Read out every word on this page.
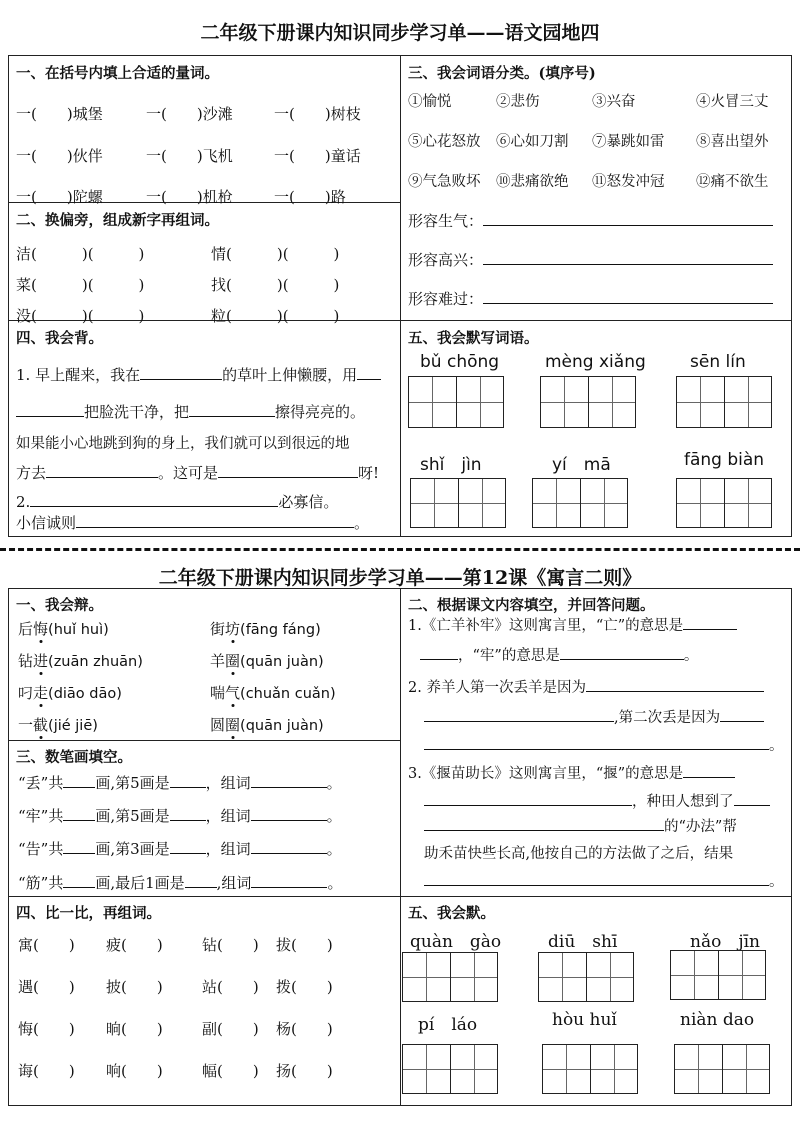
二年级下册课内知识同步学习单——语文园地四
一、在括号内填上合适的量词。
一(　　)城堡	一(　　)沙滩	一(　　)树枝
一(　　)伙伴	一(　　)飞机	一(　　)童话
一(　　)陀螺	一(　　)机枪	一(　　)路
二、换偏旁，组成新字再组词。
洁(　　　)(　　　)	情(　　　)(　　　)
菜(　　　)(　　　)	找(　　　)(　　　)
没(　　　)(　　　)	粒(　　　)(　　　)
三、我会词语分类。(填序号)
①愉悦	②悲伤	③兴奋	④火冒三丈
⑤心花怒放 ⑥心如刀割 ⑦暴跳如雷 ⑧喜出望外
⑨气急败坏 ⑩悲痛欲绝 ⑪怒发冲冠 ⑫痛不欲生
形容生气：
形容高兴：
形容难过：
四、我会背。
1. 早上醒来，我在	的草叶上伸懒腰，用
把脸洗干净，把	擦得亮亮的。
如果能小心地跳到狗的身上，我们就可以到很远的地
方去	。这可是	呀!
2.	必寡信。
小信诚则	。
五、我会默写词语。
bǔ chōng	mèng xiǎng	sēn lín
shǐ　jìn	yí　mā	fāng biàn
二年级下册课内知识同步学习单——第12课《寓言二则》
一、我会辩。
后悔(huǐ huì)	街坊(fāng fáng)
钻进(zuān zhuān)	羊圈(quān juàn)
叼走(diāo dāo)	喘气(chuǎn cuǎn)
一截(jié jiē)	圆圈(quān juàn)
三、数笔画填空。
“丢”共 画,第5画是 ，组词	。
“牢”共 画,第5画是 ，组词	。
“告”共 画,第3画是 ，组词	。
“筋”共 画,最后1画是 ,组词	。
四、比一比，再组词。
寓(　　) 疲(　　)	钻(　　) 拔(　　)
遇(　　) 披(　　)	站(　　) 拨(　　)
悔(　　) 晌(　　)	副(　　) 杨(　　)
诲(　　) 响(　　)	幅(　　) 扬(　　)
二、根据课文内容填空，并回答问题。
1.《亡羊补牢》这则寓言里，“亡”的意思是
，“牢”的意思是	。
2. 养羊人第一次丢羊是因为
,第二次丢是因为
。
3.《揠苗助长》这则寓言里，“揠”的意思是
，种田人想到了
的“办法”帮
助禾苗快些长高,他按自己的方法做了之后，结果
。
五、我会默。
quàn　gào	diū　shī	nǎo　jīn
pí　láo	hòu huǐ	niàn dao
